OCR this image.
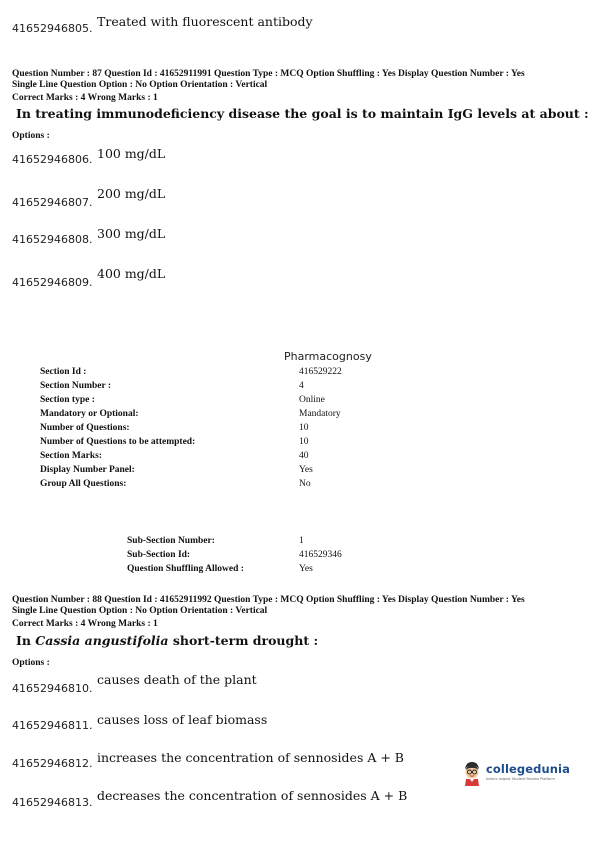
41652946805. Treated with fluorescent antibody
Question Number : 87 Question Id : 41652911991 Question Type : MCQ Option Shuffling : Yes Display Question Number : Yes
Single Line Question Option : No Option Orientation : Vertical
Correct Marks : 4 Wrong Marks : 1
In treating immunodeficiency disease the goal is to maintain IgG levels at about :
Options :
41652946806. 100 mg/dL
41652946807.
200 mg/dL
41652946808. 300 mg/dL
41652946809.
400 mg/dL
Pharmacognosy
Section Id :	416529222
Section Number :	4
Section type :	Online
Mandatory or Optional:	Mandatory
Number of Questions:	10
Number of Questions to be attempted:	10
Section Marks:	40
Display Number Panel:	Yes
Group All Questions:	No
Sub-Section Number:	1
Sub-Section Id:	416529346
Question Shuffling Allowed :	Yes
Question Number : 88 Question Id : 41652911992 Question Type : MCQ Option Shuffling : Yes Display Question Number : Yes
Single Line Question Option : No Option Orientation : Vertical
Correct Marks : 4 Wrong Marks : 1
In Cassia angustifolia short-term drought :
Options :
41652946810.
causes death of the plant
41652946811. causes loss of leaf biomass
41652946812. increases the concentration of sennosides A + B
41652946813. decreases the concentration of sennosides A + B
collegedunia
India's largest Student Review Platform
